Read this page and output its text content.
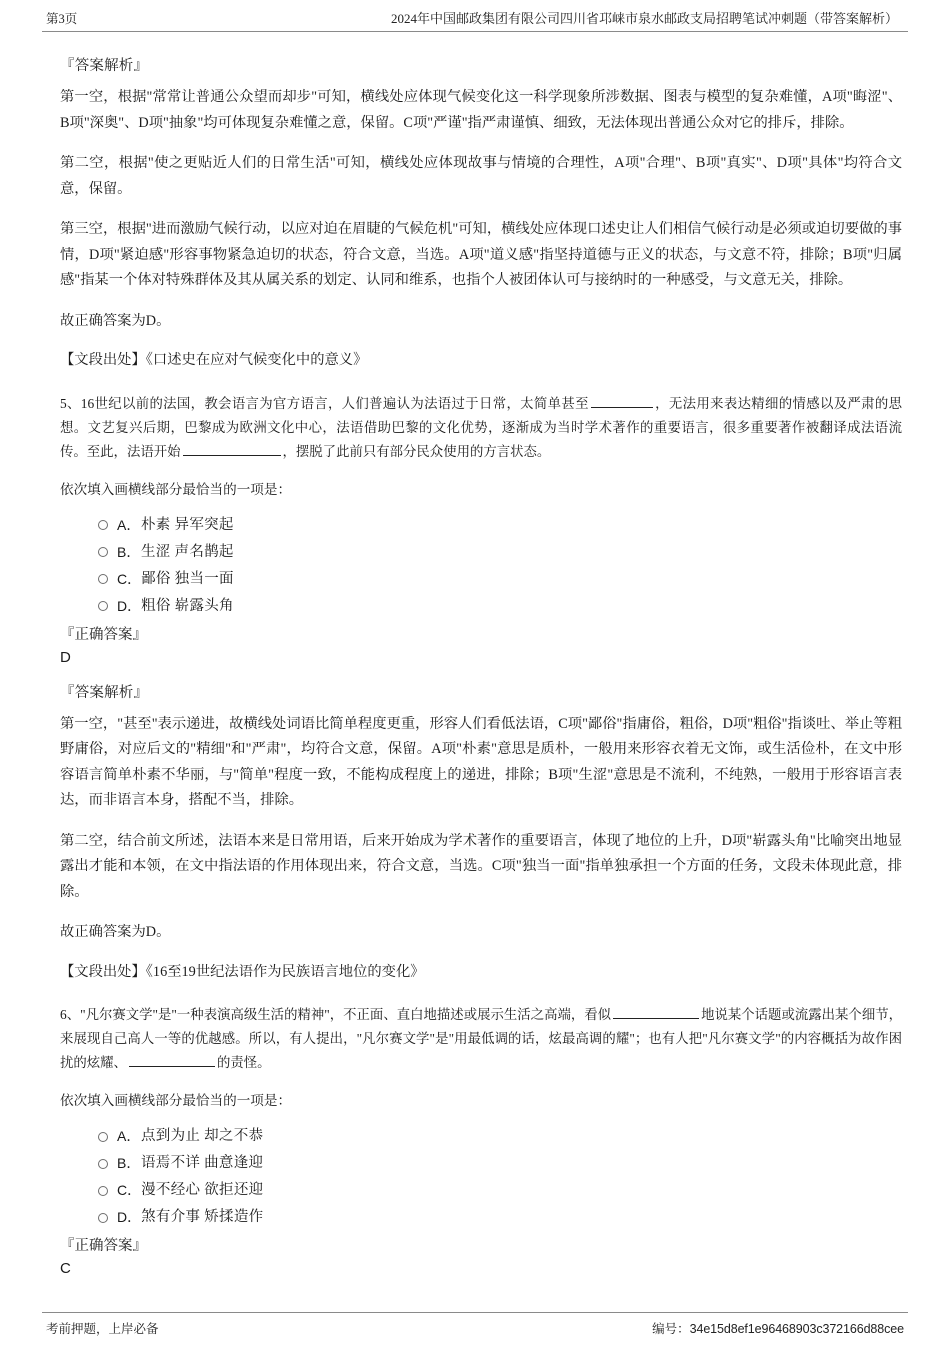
第3页	2024年中国邮政集团有限公司四川省邛崃市泉水邮政支局招聘笔试冲刺题（带答案解析）
『答案解析』

第一空，根据"常常让普通公众望而却步"可知，横线处应体现气候变化这一科学现象所涉数据、图表与模型的复杂难懂，A项"晦涩"、B项"深奥"、D项"抽象"均可体现复杂难懂之意，保留。C项"严谨"指严肃谨慎、细致，无法体现出普通公众对它的排斥，排除。

第二空，根据"使之更贴近人们的日常生活"可知，横线处应体现故事与情境的合理性，A项"合理"、B项"真实"、D项"具体"均符合文意，保留。

第三空，根据"进而激励气候行动，以应对迫在眉睫的气候危机"可知，横线处应体现口述史让人们相信气候行动是必须或迫切要做的事情，D项"紧迫感"形容事物紧急迫切的状态，符合文意，当选。A项"道义感"指坚持道德与正义的状态，与文意不符，排除；B项"归属感"指某一个体对特殊群体及其从属关系的划定、认同和维系，也指个人被团体认可与接纳时的一种感受，与文意无关，排除。

故正确答案为D。
【文段出处】《口述史在应对气候变化中的意义》
5、16世纪以前的法国，教会语言为官方语言，人们普遍认为法语过于日常，太简单甚至	，无法用来表达精细的情感以及严肃的思想。文艺复兴后期，巴黎成为欧洲文化中心，法语借助巴黎的文化优势，逐渐成为当时学术著作的重要语言，很多重要著作被翻译成法语流传。至此，法语开始	，摆脱了此前只有部分民众使用的方言状态。
依次填入画横线部分最恰当的一项是：
A． 朴素 异军突起
B． 生涩 声名鹊起
C． 鄙俗 独当一面
D． 粗俗 崭露头角
『正确答案』
D
『答案解析』

第一空，"甚至"表示递进，故横线处词语比简单程度更重，形容人们看低法语，C项"鄙俗"指庸俗，粗俗，D项"粗俗"指谈吐、举止等粗野庸俗，对应后文的"精细"和"严肃"，均符合文意，保留。A项"朴素"意思是质朴，一般用来形容衣着无文饰，或生活俭朴，在文中形容语言简单朴素不华丽，与"简单"程度一致，不能构成程度上的递进，排除；B项"生涩"意思是不流利，不纯熟，一般用于形容语言表达，而非语言本身，搭配不当，排除。

第二空，结合前文所述，法语本来是日常用语，后来开始成为学术著作的重要语言，体现了地位的上升，D项"崭露头角"比喻突出地显露出才能和本领，在文中指法语的作用体现出来，符合文意，当选。C项"独当一面"指单独承担一个方面的任务，文段未体现此意，排除。

故正确答案为D。
【文段出处】《16至19世纪法语作为民族语言地位的变化》
6、"凡尔赛文学"是"一种表演高级生活的精神"，不正面、直白地描述或展示生活之高端，看似	地说某个话题或流露出某个细节，来展现自己高人一等的优越感。所以，有人提出，"凡尔赛文学"是"用最低调的话，炫最高调的耀"；也有人把"凡尔赛文学"的内容概括为故作困扰的炫耀、	的责怪。
依次填入画横线部分最恰当的一项是：
A． 点到为止 却之不恭
B． 语焉不详 曲意逢迎
C． 漫不经心 欲拒还迎
D． 煞有介事 矫揉造作
『正确答案』
C
考前押题，上岸必备	编号：34e15d8ef1e96468903c372166d88cee
